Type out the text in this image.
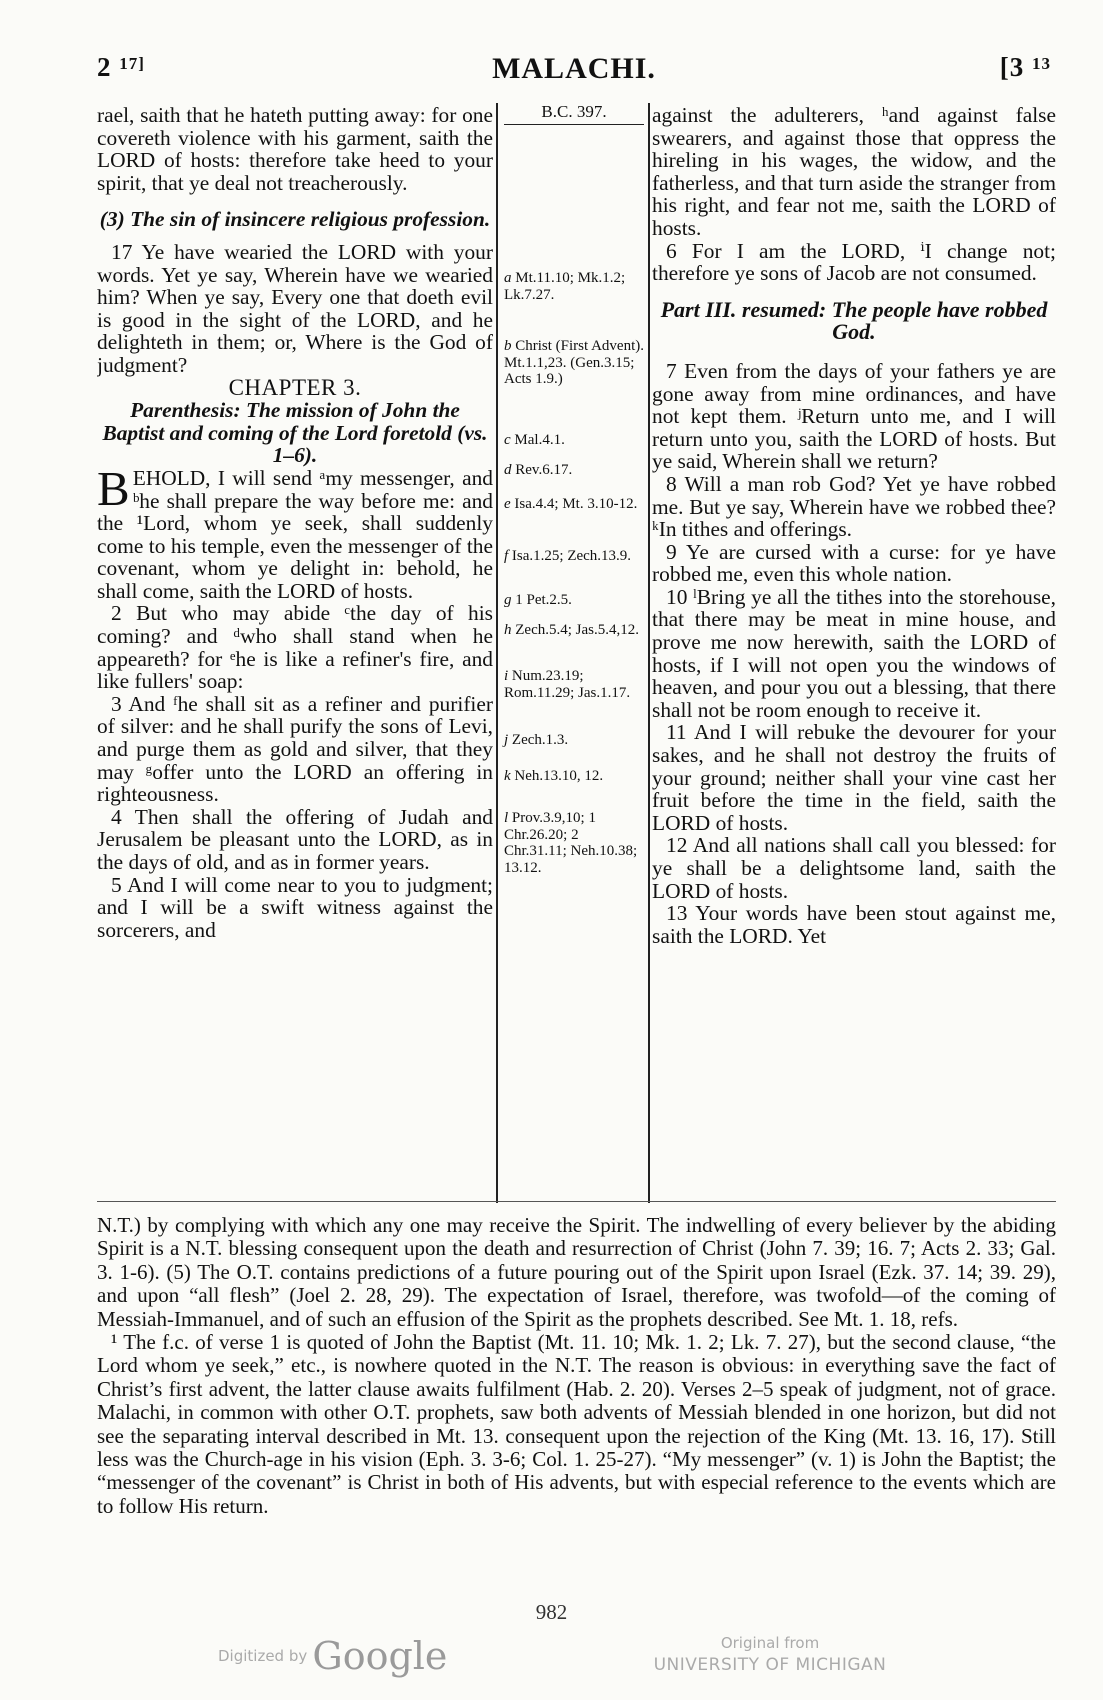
2 $^{17]}$	MALACHI.	[3 $^{13}$

rael, saith that he hateth putting away: for one covereth violence with his garment, saith the LORD of hosts: therefore take heed to your spirit, that ye deal not treacherously.

(3) The sin of insincere religious profession.

17 Ye have wearied the LORD with your words. Yet ye say, Wherein have we wearied him? When ye say, Every one that doeth evil is good in the sight of the LORD, and he delighteth in them; or, Where is the God of judgment?

CHAPTER 3.

Parenthesis: The mission of John the Baptist and coming of the Lord foretold (vs. 1–6).

BEHOLD, I will send ᵃmy messenger, and ᵇhe shall prepare the way before me: and the ¹Lord, whom ye seek, shall suddenly come to his temple, even the messenger of the covenant, whom ye delight in: behold, he shall come, saith the LORD of hosts.

2 But who may abide ᶜthe day of his coming? and ᵈwho shall stand when he appeareth? for ᵉhe is like a refiner's fire, and like fullers' soap:

3 And ᶠhe shall sit as a refiner and purifier of silver: and he shall purify the sons of Levi, and purge them as gold and silver, that they may ᵍoffer unto the LORD an offering in righteousness.

4 Then shall the offering of Judah and Jerusalem be pleasant unto the LORD, as in the days of old, and as in former years.

5 And I will come near to you to judgment; and I will be a swift witness against the sorcerers, and

B.C. 397.
a Mt.11.10; Mk.1.2; Lk.7.27.
b Christ (First Advent). Mt.1.1,23. (Gen.3.15; Acts 1.9.)
c Mal.4.1.
d Rev.6.17.
e Isa.4.4; Mt. 3.10-12.
f Isa.1.25; Zech.13.9.
g 1 Pet.2.5.
h Zech.5.4; Jas.5.4,12.
i Num.23.19; Rom.11.29; Jas.1.17.
j Zech.1.3.
k Neh.13.10, 12.
l Prov.3.9,10; 1 Chr.26.20; 2 Chr.31.11; Neh.10.38; 13.12.

against the adulterers, ʰand against false swearers, and against those that oppress the hireling in his wages, the widow, and the fatherless, and that turn aside the stranger from his right, and fear not me, saith the LORD of hosts.

6 For I am the LORD, ⁱI change not; therefore ye sons of Jacob are not consumed.

Part III. resumed: The people have robbed God.

7 Even from the days of your fathers ye are gone away from mine ordinances, and have not kept them. ʲReturn unto me, and I will return unto you, saith the LORD of hosts. But ye said, Wherein shall we return?

8 Will a man rob God? Yet ye have robbed me. But ye say, Wherein have we robbed thee? ᵏIn tithes and offerings.

9 Ye are cursed with a curse: for ye have robbed me, even this whole nation.

10 ˡBring ye all the tithes into the storehouse, that there may be meat in mine house, and prove me now herewith, saith the LORD of hosts, if I will not open you the windows of heaven, and pour you out a blessing, that there shall not be room enough to receive it.

11 And I will rebuke the devourer for your sakes, and he shall not destroy the fruits of your ground; neither shall your vine cast her fruit before the time in the field, saith the LORD of hosts.

12 And all nations shall call you blessed: for ye shall be a delightsome land, saith the LORD of hosts.

13 Your words have been stout against me, saith the LORD. Yet

N.T.) by complying with which any one may receive the Spirit. The indwelling of every believer by the abiding Spirit is a N.T. blessing consequent upon the death and resurrection of Christ (John 7. 39; 16. 7; Acts 2. 33; Gal. 3. 1-6). (5) The O.T. contains predictions of a future pouring out of the Spirit upon Israel (Ezk. 37. 14; 39. 29), and upon “all flesh” (Joel 2. 28, 29). The expectation of Israel, therefore, was twofold—of the coming of Messiah-Immanuel, and of such an effusion of the Spirit as the prophets described. See Mt. 1. 18, refs.

¹ The f.c. of verse 1 is quoted of John the Baptist (Mt. 11. 10; Mk. 1. 2; Lk. 7. 27), but the second clause, “the Lord whom ye seek,” etc., is nowhere quoted in the N.T. The reason is obvious: in everything save the fact of Christ’s first advent, the latter clause awaits fulfilment (Hab. 2. 20). Verses 2–5 speak of judgment, not of grace. Malachi, in common with other O.T. prophets, saw both advents of Messiah blended in one horizon, but did not see the separating interval described in Mt. 13. consequent upon the rejection of the King (Mt. 13. 16, 17). Still less was the Church-age in his vision (Eph. 3. 3-6; Col. 1. 25-27). “My messenger” (v. 1) is John the Baptist; the “messenger of the covenant” is Christ in both of His advents, but with especial reference to the events which are to follow His return.

982
Digitized by Google	Original from
UNIVERSITY OF MICHIGAN
